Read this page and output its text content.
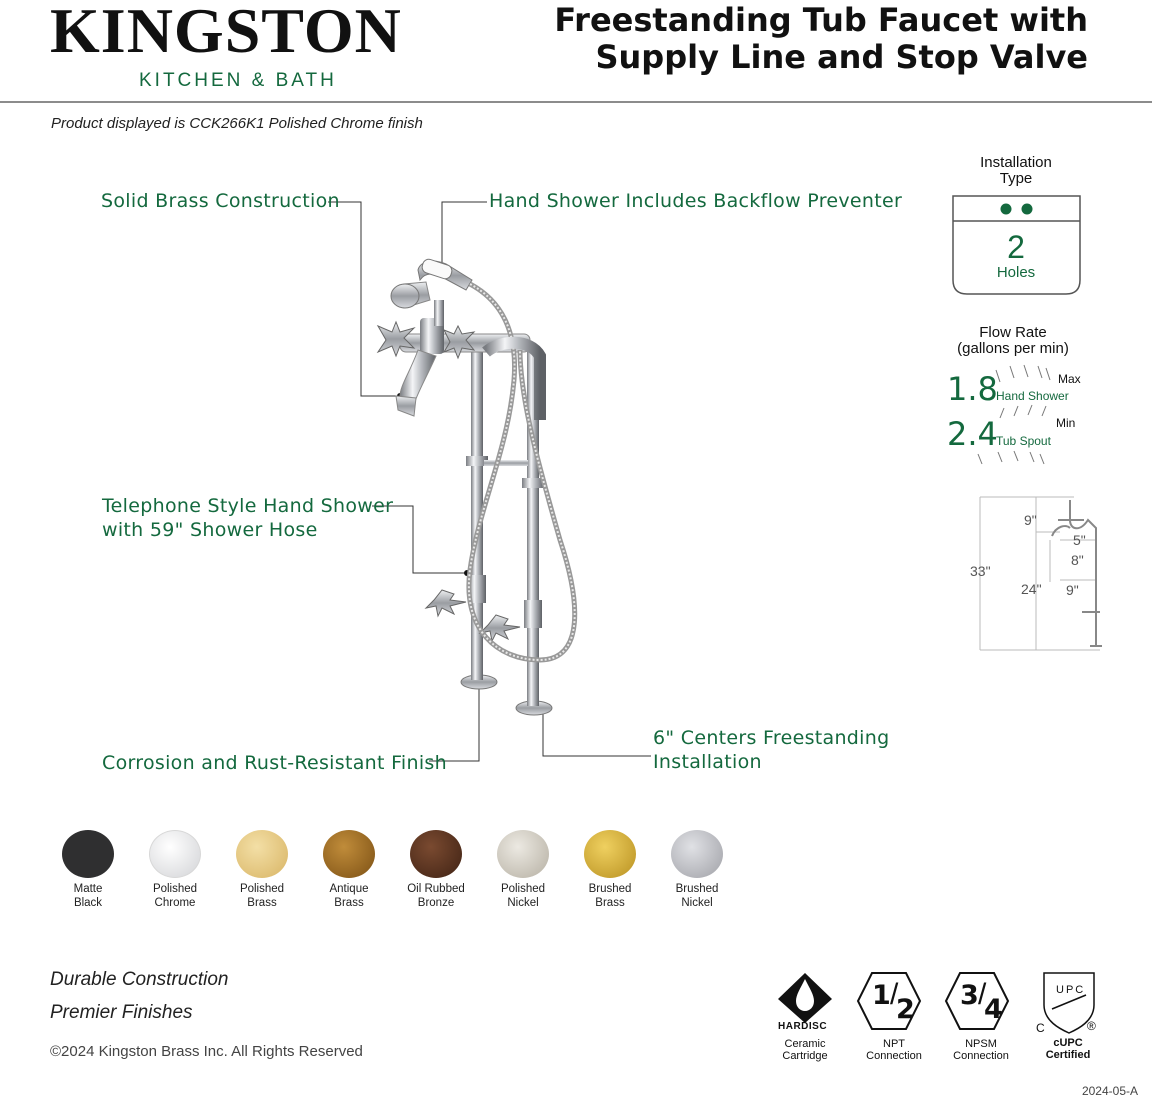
KINGSTON
KITCHEN & BATH
Freestanding Tub Faucet with
Supply Line and Stop Valve
Product displayed is CCK266K1 Polished Chrome finish
Solid Brass Construction	Hand Shower Includes Backflow Preventer
Telephone Style Hand Shower
with 59" Shower Hose
Corrosion and Rust-Resistant Finish
6" Centers Freestanding
Installation
Installation
Type
2
Holes
Flow Rate
(gallons per min)
1.8
Hand Shower
Max
2.4
Tub Spout
Min
9"
5"
8"
33"
24" 9"
Matte
Black
Polished
Chrome
Polished
Brass
Antique
Brass
Oil Rubbed
Bronze
Polished
Nickel
Brushed
Brass
Brushed
Nickel
Durable Construction
Premier Finishes
©2024 Kingston Brass Inc. All Rights Reserved
HARDISC
Ceramic
Cartridge
1 /
2
NPT
Connection
3 /
4
NPSM
Connection
UPC
C	®
cUPC
Certified
2024-05-A
